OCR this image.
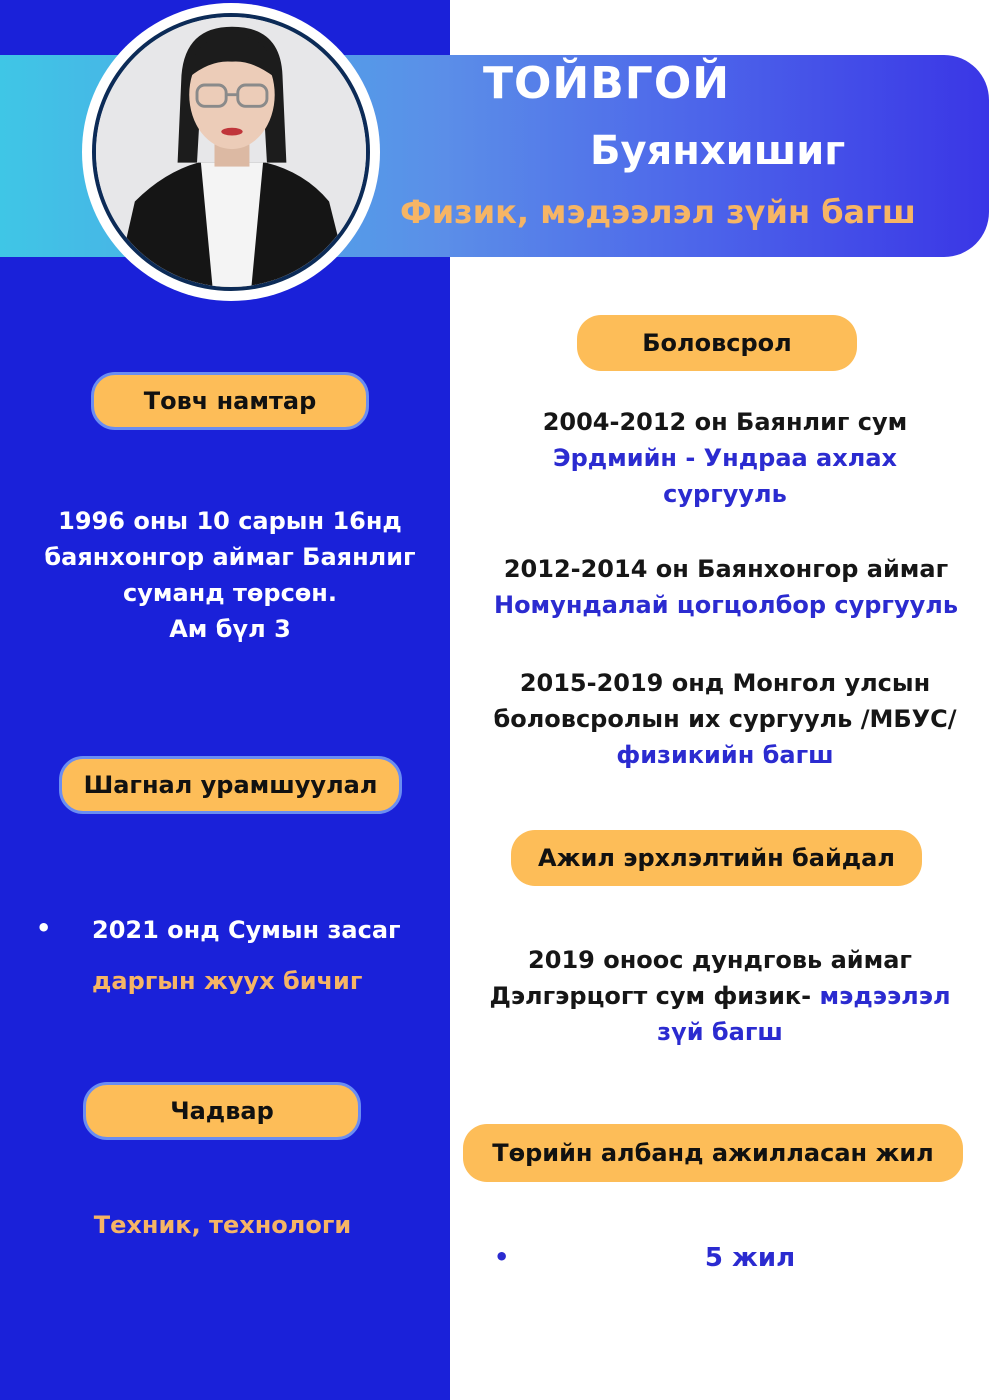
ТОЙВГОЙ
Буянхишиг
Физик, мэдээлэл зүйн багш
Товч намтар
1996 оны 10 сарын 16нд
баянхонгор аймаг Баянлиг
суманд төрсөн.
Ам бүл 3
Шагнал урамшуулал
• 2021 онд Сумын засаг
даргын жуух бичиг
Чадвар
Техник, технологи
Боловсрол
2004-2012 он Баянлиг сум
Эрдмийн - Ундраа ахлах
сургууль
2012-2014 он Баянхонгор аймаг
Номундалай цогцолбор сургууль
2015-2019 онд Монгол улсын
боловсролын их сургууль /МБУС/
физикийн багш
Ажил эрхлэлтийн байдал
2019 оноос дундговь аймаг
Дэлгэрцогт сум физик- мэдээлэл
зүй багш
Төрийн албанд ажилласан жил
•	5 жил
